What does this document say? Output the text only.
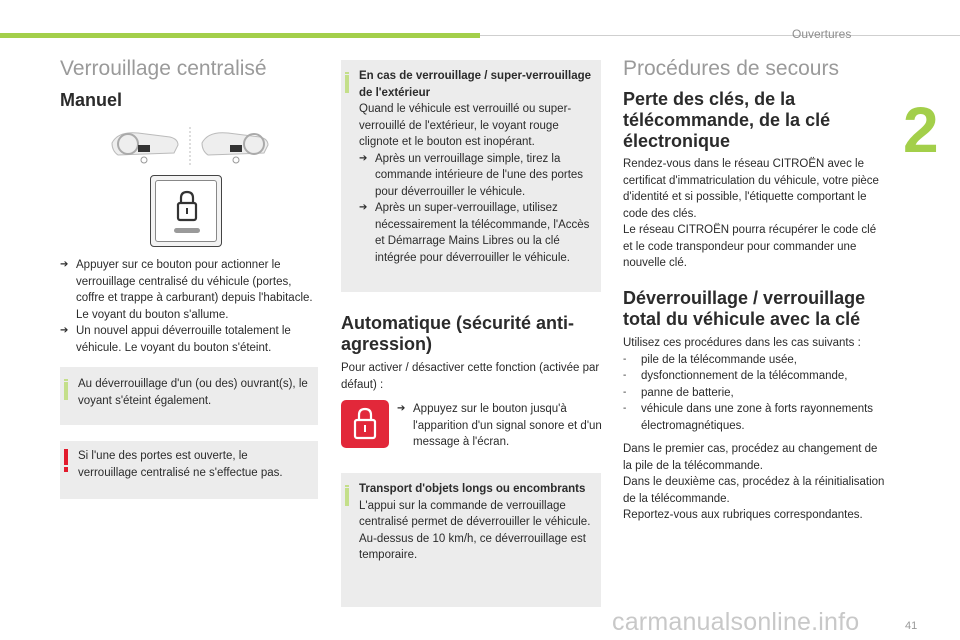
Ouvertures
2
41
Verrouillage centralisé
Manuel
➔ Appuyer sur ce bouton pour actionner le verrouillage centralisé du véhicule (portes, coffre et trappe à carburant) depuis l'habitacle. Le voyant du bouton s'allume.
➔ Un nouvel appui déverrouille totalement le véhicule. Le voyant du bouton s'éteint.
Au déverrouillage d'un (ou des) ouvrant(s), le voyant s'éteint également.
Si l'une des portes est ouverte, le verrouillage centralisé ne s'effectue pas.
En cas de verrouillage / super-verrouillage de l'extérieur
Quand le véhicule est verrouillé ou super-verrouillé de l'extérieur, le voyant rouge clignote et le bouton est inopérant.
➔ Après un verrouillage simple, tirez la commande intérieure de l'une des portes pour déverrouiller le véhicule.
➔ Après un super-verrouillage, utilisez nécessairement la télécommande, l'Accès et Démarrage Mains Libres ou la clé intégrée pour déverrouiller le véhicule.
Automatique (sécurité anti-agression)
Pour activer / désactiver cette fonction (activée par défaut) :
➔ Appuyez sur le bouton jusqu'à l'apparition d'un signal sonore et d'un message à l'écran.
Transport d'objets longs ou encombrants
L'appui sur la commande de verrouillage centralisé permet de déverrouiller le véhicule.
Au-dessus de 10 km/h, ce déverrouillage est temporaire.
Procédures de secours
Perte des clés, de la télécommande, de la clé électronique
Rendez-vous dans le réseau CITROËN avec le certificat d'immatriculation du véhicule, votre pièce d'identité et si possible, l'étiquette comportant le code des clés.
Le réseau CITROËN pourra récupérer le code clé et le code transpondeur pour commander une nouvelle clé.
Déverrouillage / verrouillage total du véhicule avec la clé
Utilisez ces procédures dans les cas suivants :
-	pile de la télécommande usée,
-	dysfonctionnement de la télécommande,
-	panne de batterie,
-	véhicule dans une zone à forts rayonnements électromagnétiques.
Dans le premier cas, procédez au changement de la pile de la télécommande.
Dans le deuxième cas, procédez à la réinitialisation de la télécommande.
Reportez-vous aux rubriques correspondantes.
carmanualsonline.info
